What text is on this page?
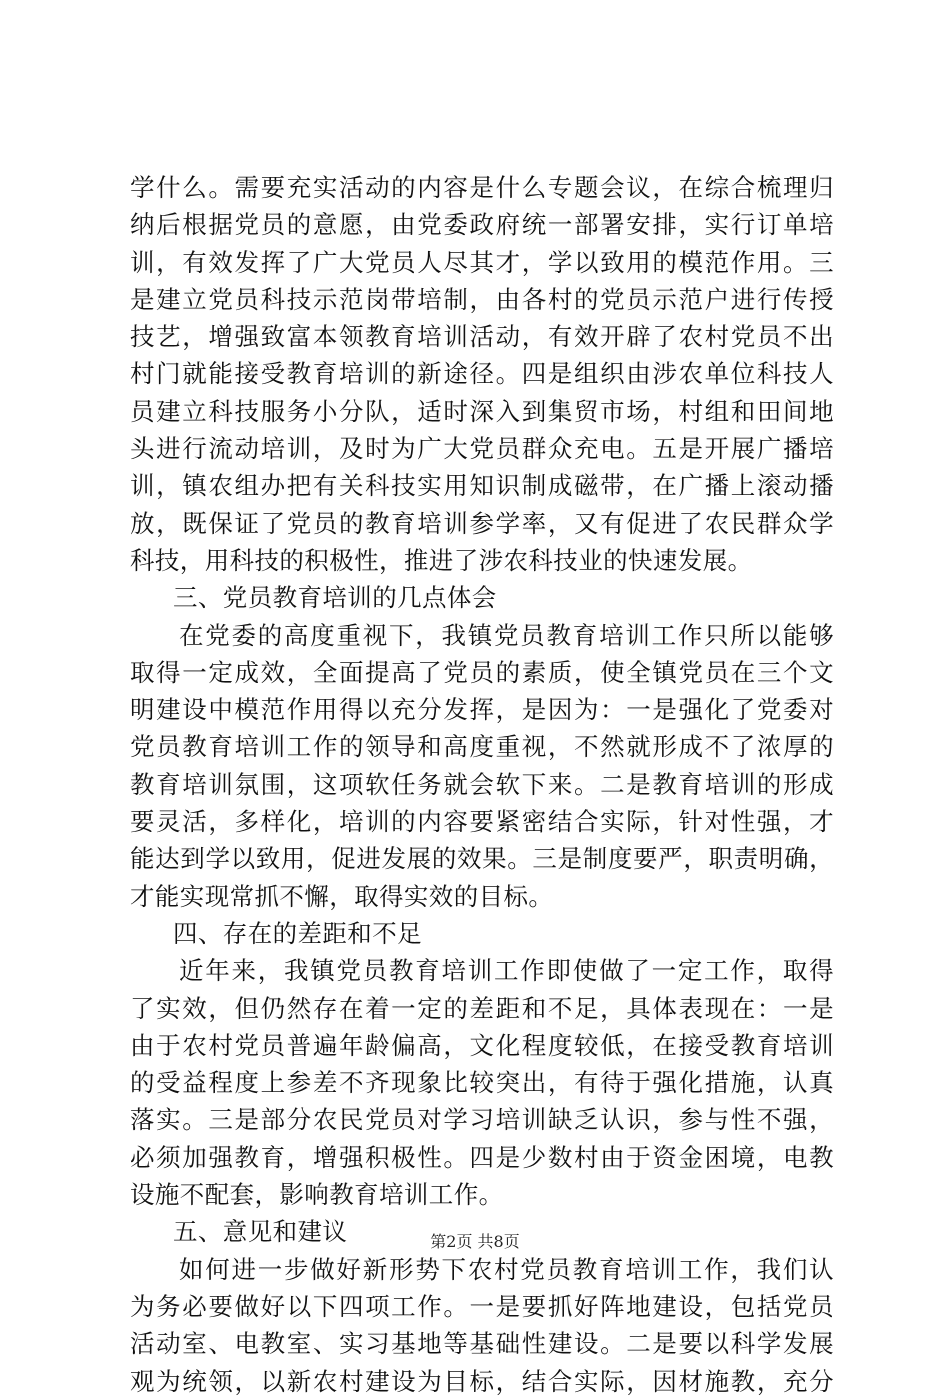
学什么。需要充实活动的内容是什么专题会议，在综合梳理归
纳后根据党员的意愿，由党委政府统一部署安排，实行订单培
训，有效发挥了广大党员人尽其才，学以致用的模范作用。三
是建立党员科技示范岗带培制，由各村的党员示范户进行传授
技艺，增强致富本领教育培训活动，有效开辟了农村党员不出
村门就能接受教育培训的新途径。四是组织由涉农单位科技人
员建立科技服务小分队，适时深入到集贸市场，村组和田间地
头进行流动培训，及时为广大党员群众充电。五是开展广播培
训，镇农组办把有关科技实用知识制成磁带，在广播上滚动播
放，既保证了党员的教育培训参学率，又有促进了农民群众学
科技，用科技的积极性，推进了涉农科技业的快速发展。
三、党员教育培训的几点体会
在党委的高度重视下，我镇党员教育培训工作只所以能够
取得一定成效，全面提高了党员的素质，使全镇党员在三个文
明建设中模范作用得以充分发挥，是因为：一是强化了党委对
党员教育培训工作的领导和高度重视，不然就形成不了浓厚的
教育培训氛围，这项软任务就会软下来。二是教育培训的形成
要灵活，多样化，培训的内容要紧密结合实际，针对性强，才
能达到学以致用，促进发展的效果。三是制度要严，职责明确，
才能实现常抓不懈，取得实效的目标。
四、存在的差距和不足
近年来，我镇党员教育培训工作即使做了一定工作，取得
了实效，但仍然存在着一定的差距和不足，具体表现在：一是
由于农村党员普遍年龄偏高，文化程度较低，在接受教育培训
的受益程度上参差不齐现象比较突出，有待于强化措施，认真
落实。三是部分农民党员对学习培训缺乏认识，参与性不强，
必须加强教育，增强积极性。四是少数村由于资金困境，电教
设施不配套，影响教育培训工作。
五、意见和建议
如何进一步做好新形势下农村党员教育培训工作，我们认
为务必要做好以下四项工作。一是要抓好阵地建设，包括党员
活动室、电教室、实习基地等基础性建设。二是要以科学发展
观为统领，以新农村建设为目标，结合实际，因材施教，充分
第2页 共8页
